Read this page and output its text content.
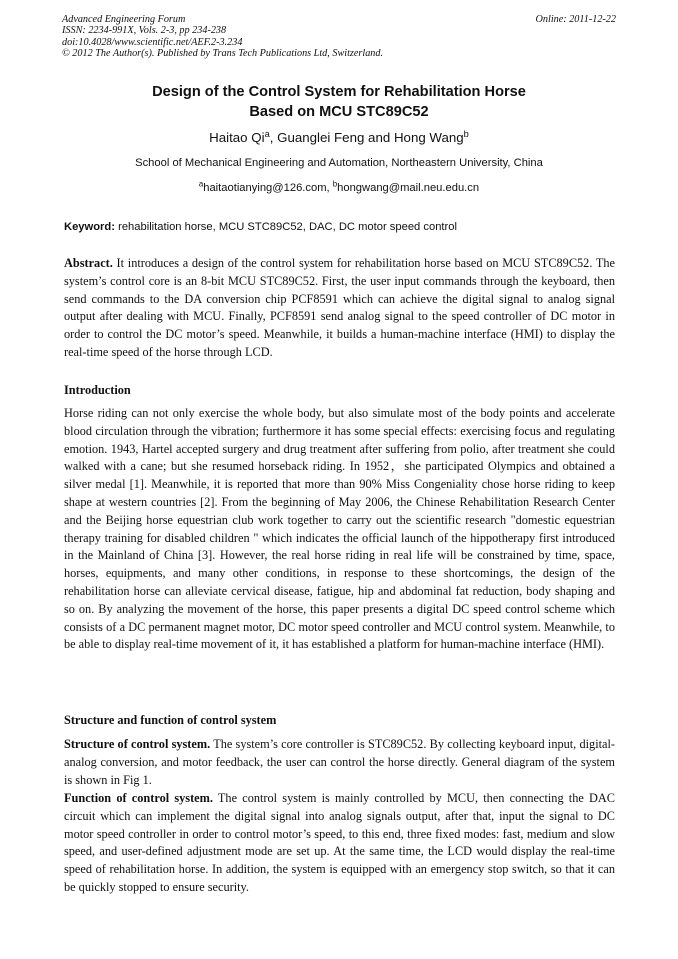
Advanced Engineering Forum	Online: 2011-12-22
ISSN: 2234-991X, Vols. 2-3, pp 234-238
doi:10.4028/www.scientific.net/AEF.2-3.234
© 2012 The Author(s). Published by Trans Tech Publications Ltd, Switzerland.
Design of the Control System for Rehabilitation Horse
Based on MCU STC89C52
Haitao Qi$^a$, Guanglei Feng and Hong Wang$^b$
School of Mechanical Engineering and Automation, Northeastern University, China
$^a$haitaotianying@126.com, $^b$hongwang@mail.neu.edu.cn
Keyword: rehabilitation horse, MCU STC89C52, DAC, DC motor speed control
Abstract. It introduces a design of the control system for rehabilitation horse based on MCU STC89C52. The system’s control core is an 8-bit MCU STC89C52. First, the user input commands through the keyboard, then send commands to the DA conversion chip PCF8591 which can achieve the digital signal to analog signal output after dealing with MCU. Finally, PCF8591 send analog signal to the speed controller of DC motor in order to control the DC motor’s speed. Meanwhile, it builds a human-machine interface (HMI) to display the real-time speed of the horse through LCD.
Introduction
Horse riding can not only exercise the whole body, but also simulate most of the body points and accelerate blood circulation through the vibration; furthermore it has some special effects: exercising focus and regulating emotion. 1943, Hartel accepted surgery and drug treatment after suffering from polio, after treatment she could walked with a cane; but she resumed horseback riding. In 1952，she participated Olympics and obtained a silver medal [1]. Meanwhile, it is reported that more than 90% Miss Congeniality chose horse riding to keep shape at western countries [2]. From the beginning of May 2006, the Chinese Rehabilitation Research Center and the Beijing horse equestrian club work together to carry out the scientific research "domestic equestrian therapy training for disabled children " which indicates the official launch of the hippotherapy first introduced in the Mainland of China [3]. However, the real horse riding in real life will be constrained by time, space, horses, equipments, and many other conditions, in response to these shortcomings, the design of the rehabilitation horse can alleviate cervical disease, fatigue, hip and abdominal fat reduction, body shaping and so on. By analyzing the movement of the horse, this paper presents a digital DC speed control scheme which consists of a DC permanent magnet motor, DC motor speed controller and MCU control system. Meanwhile, to be able to display real-time movement of it, it has established a platform for human-machine interface (HMI).
Structure and function of control system
Structure of control system. The system’s core controller is STC89C52. By collecting keyboard input, digital-analog conversion, and motor feedback, the user can control the horse directly. General diagram of the system is shown in Fig 1.
Function of control system. The control system is mainly controlled by MCU, then connecting the DAC circuit which can implement the digital signal into analog signals output, after that, input the signal to DC motor speed controller in order to control motor’s speed, to this end, three fixed modes: fast, medium and slow speed, and user-defined adjustment mode are set up. At the same time, the LCD would display the real-time speed of rehabilitation horse. In addition, the system is equipped with an emergency stop switch, so that it can be quickly stopped to ensure security.
